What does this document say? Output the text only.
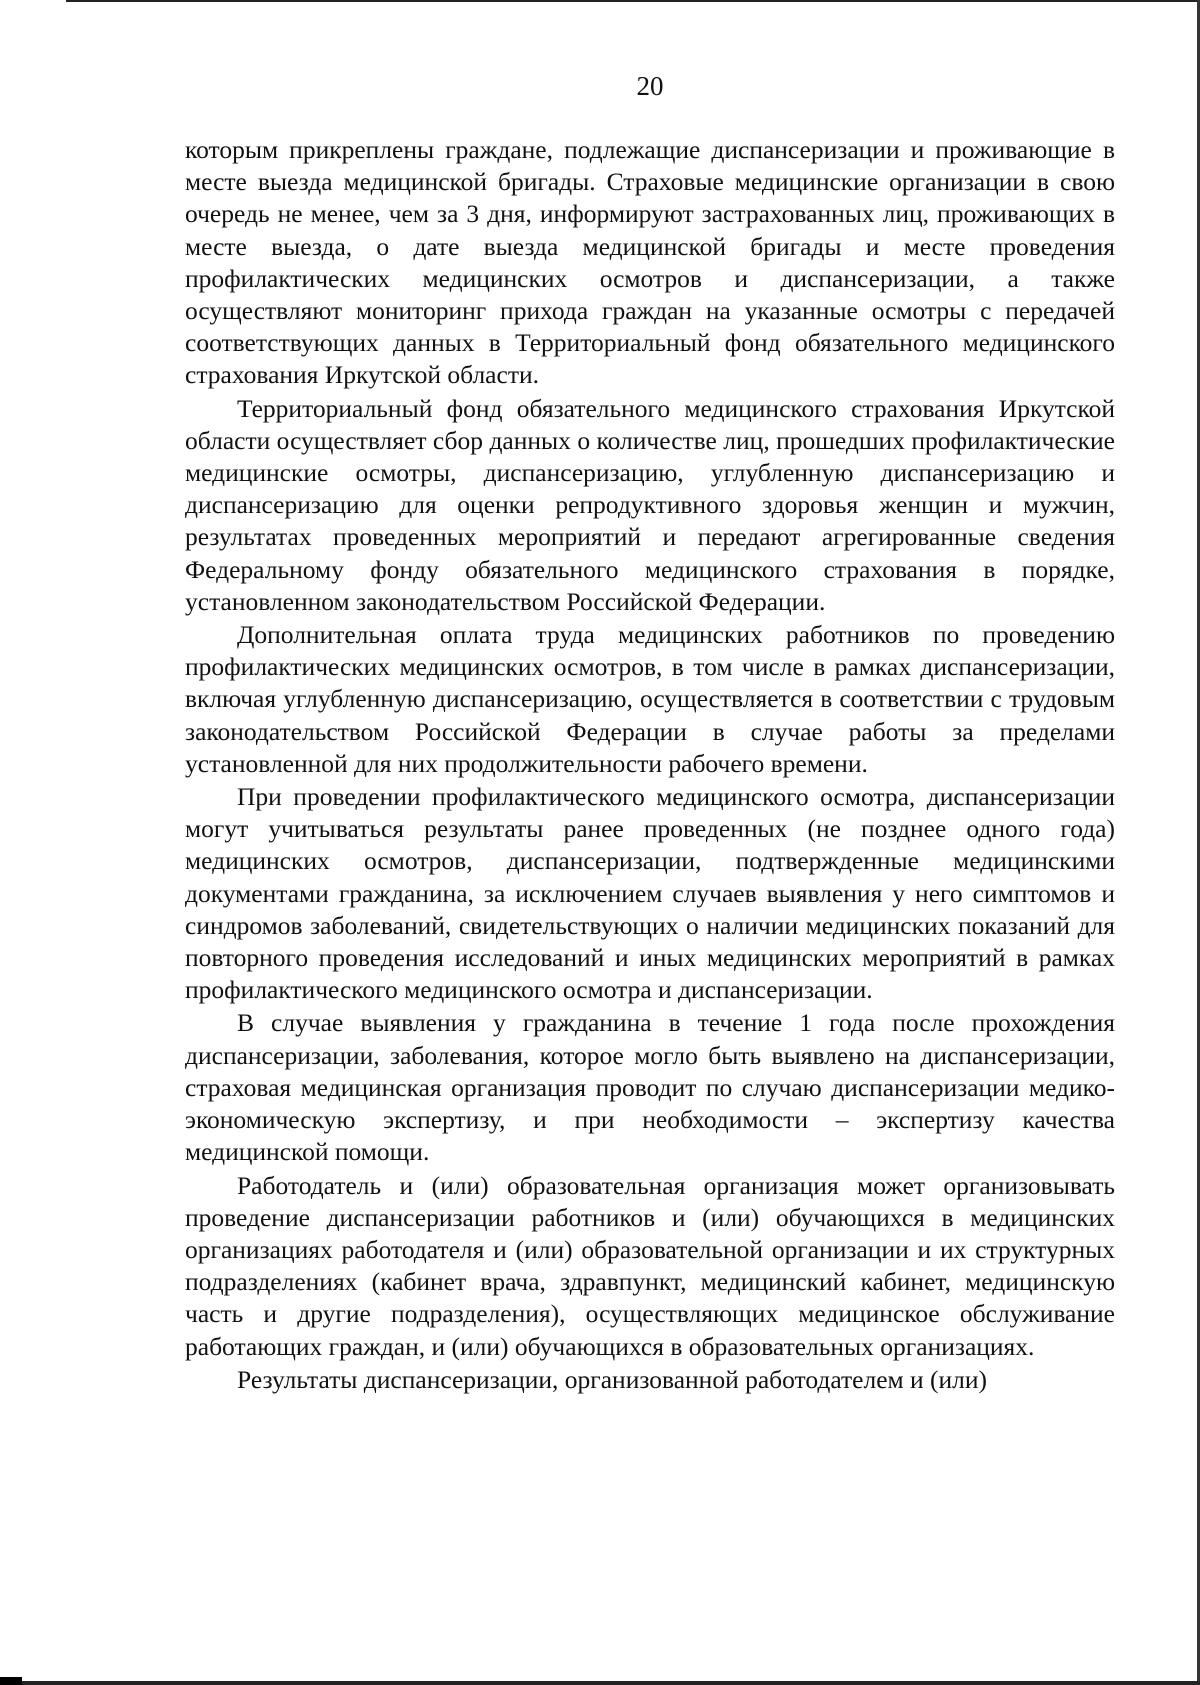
20

которым прикреплены граждане, подлежащие диспансеризации и проживающие в месте выезда медицинской бригады. Страховые медицинские организации в свою очередь не менее, чем за 3 дня, информируют застрахованных лиц, проживающих в месте выезда, о дате выезда медицинской бригады и месте проведения профилактических медицинских осмотров и диспансеризации, а также осуществляют мониторинг прихода граждан на указанные осмотры с передачей соответствующих данных в Территориальный фонд обязательного медицинского страхования Иркутской области.

Территориальный фонд обязательного медицинского страхования Иркутской области осуществляет сбор данных о количестве лиц, прошедших профилактические медицинские осмотры, диспансеризацию, углубленную диспансеризацию и диспансеризацию для оценки репродуктивного здоровья женщин и мужчин, результатах проведенных мероприятий и передают агрегированные сведения Федеральному фонду обязательного медицинского страхования в порядке, установленном законодательством Российской Федерации.

Дополнительная оплата труда медицинских работников по проведению профилактических медицинских осмотров, в том числе в рамках диспансеризации, включая углубленную диспансеризацию, осуществляется в соответствии с трудовым законодательством Российской Федерации в случае работы за пределами установленной для них продолжительности рабочего времени.

При проведении профилактического медицинского осмотра, диспансеризации могут учитываться результаты ранее проведенных (не позднее одного года) медицинских осмотров, диспансеризации, подтвержденные медицинскими документами гражданина, за исключением случаев выявления у него симптомов и синдромов заболеваний, свидетельствующих о наличии медицинских показаний для повторного проведения исследований и иных медицинских мероприятий в рамках профилактического медицинского осмотра и диспансеризации.

В случае выявления у гражданина в течение 1 года после прохождения диспансеризации, заболевания, которое могло быть выявлено на диспансеризации, страховая медицинская организация проводит по случаю диспансеризации медико-экономическую экспертизу, и при необходимости – экспертизу качества медицинской помощи.

Работодатель и (или) образовательная организация может организовывать проведение диспансеризации работников и (или) обучающихся в медицинских организациях работодателя и (или) образовательной организации и их структурных подразделениях (кабинет врача, здравпункт, медицинский кабинет, медицинскую часть и другие подразделения), осуществляющих медицинское обслуживание работающих граждан, и (или) обучающихся в образовательных организациях.

Результаты диспансеризации, организованной работодателем и (или)
